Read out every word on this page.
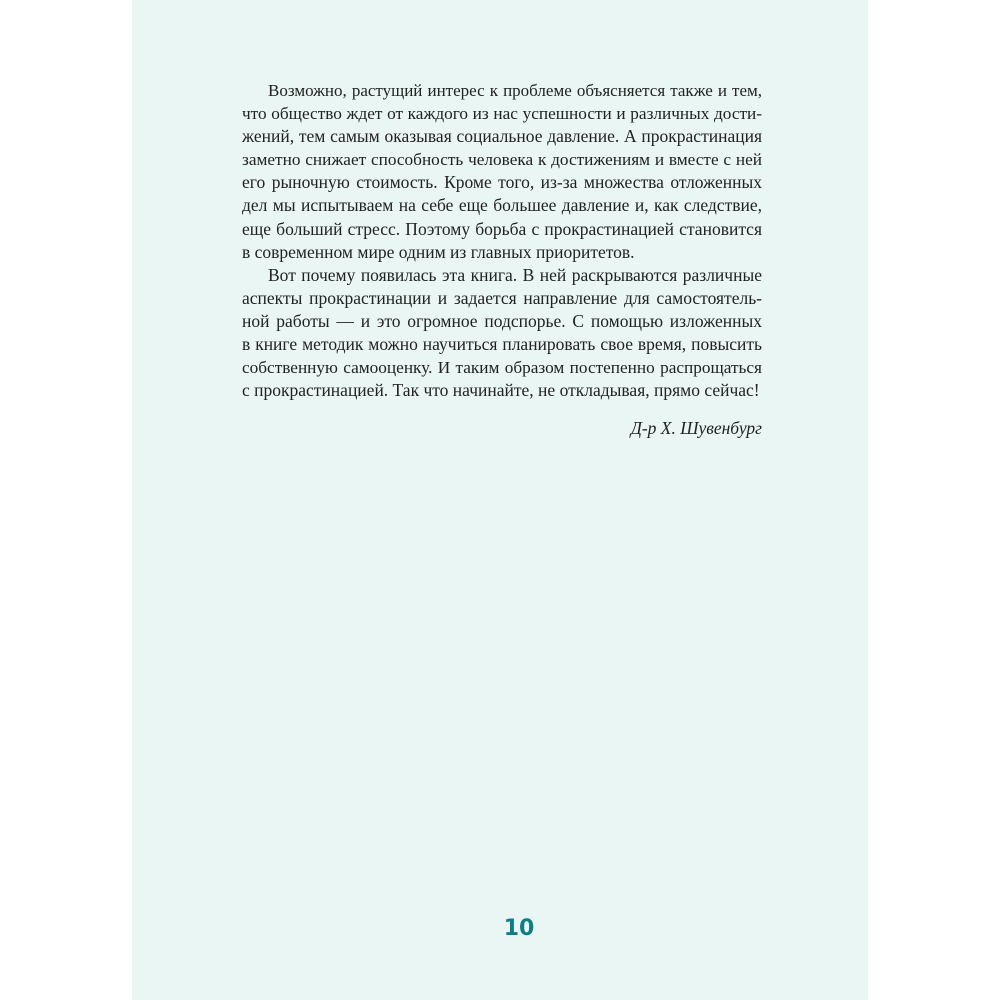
Возможно, растущий интерес к проблеме объясняется также и тем,
что общество ждет от каждого из нас успешности и различных дости-
жений, тем самым оказывая социальное давление. А прокрастинация
заметно снижает способность человека к достижениям и вместе с ней
его рыночную стоимость. Кроме того, из-за множества отложенных
дел мы испытываем на себе еще большее давление и, как следствие,
еще больший стресс. Поэтому борьба с прокрастинацией становится
в современном мире одним из главных приоритетов.
Вот почему появилась эта книга. В ней раскрываются различные
аспекты прокрастинации и задается направление для самостоятель-
ной работы — и это огромное подспорье. С помощью изложенных
в книге методик можно научиться планировать свое время, повысить
собственную самооценку. И таким образом постепенно распрощаться
с прокрастинацией. Так что начинайте, не откладывая, прямо сейчас!
Д-р Х. Шувенбург
10
